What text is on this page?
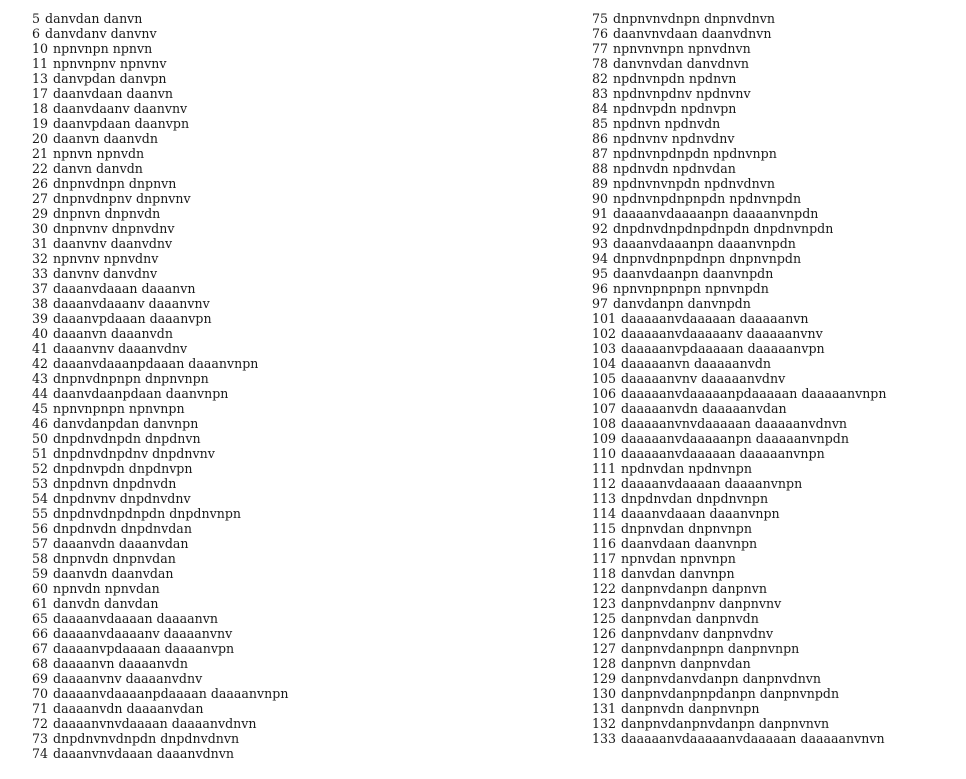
5 danvdan danvn
6 danvdanv danvnv
10 npnvnpn npnvn
11 npnvnpnv npnvnv
13 danvpdan danvpn
17 daanvdaan daanvn
18 daanvdaanv daanvnv
19 daanvpdaan daanvpn
20 daanvn daanvdn
21 npnvn npnvdn
22 danvn danvdn
26 dnpnvdnpn dnpnvn
27 dnpnvdnpnv dnpnvnv
29 dnpnvn dnpnvdn
30 dnpnvnv dnpnvdnv
31 daanvnv daanvdnv
32 npnvnv npnvdnv
33 danvnv danvdnv
37 daaanvdaaan daaanvn
38 daaanvdaaanv daaanvnv
39 daaanvpdaaan daaanvpn
40 daaanvn daaanvdn
41 daaanvnv daaanvdnv
42 daaanvdaaanpdaaan daaanvnpn
43 dnpnvdnpnpn dnpnvnpn
44 daanvdaanpdaan daanvnpn
45 npnvnpnpn npnvnpn
46 danvdanpdan danvnpn
50 dnpdnvdnpdn dnpdnvn
51 dnpdnvdnpdnv dnpdnvnv
52 dnpdnvpdn dnpdnvpn
53 dnpdnvn dnpdnvdn
54 dnpdnvnv dnpdnvdnv
55 dnpdnvdnpdnpdn dnpdnvnpn
56 dnpdnvdn dnpdnvdan
57 daaanvdn daaanvdan
58 dnpnvdn dnpnvdan
59 daanvdn daanvdan
60 npnvdn npnvdan
61 danvdn danvdan
65 daaaanvdaaaan daaaanvn
66 daaaanvdaaaanv daaaanvnv
67 daaaanvpdaaaan daaaanvpn
68 daaaanvn daaaanvdn
69 daaaanvnv daaaanvdnv
70 daaaanvdaaaanpdaaaan daaaanvnpn
71 daaaanvdn daaaanvdan
72 daaaanvnvdaaaan daaaanvdnvn
73 dnpdnvnvdnpdn dnpdnvdnvn
74 daaanvnvdaaan daaanvdnvn
75 dnpnvnvdnpn dnpnvdnvn
76 daanvnvdaan daanvdnvn
77 npnvnvnpn npnvdnvn
78 danvnvdan danvdnvn
82 npdnvnpdn npdnvn
83 npdnvnpdnv npdnvnv
84 npdnvpdn npdnvpn
85 npdnvn npdnvdn
86 npdnvnv npdnvdnv
87 npdnvnpdnpdn npdnvnpn
88 npdnvdn npdnvdan
89 npdnvnvnpdn npdnvdnvn
90 npdnvnpdnpnpdn npdnvnpdn
91 daaaanvdaaaanpn daaaanvnpdn
92 dnpdnvdnpdnpdnpdn dnpdnvnpdn
93 daaanvdaaanpn daaanvnpdn
94 dnpnvdnpnpdnpn dnpnvnpdn
95 daanvdaanpn daanvnpdn
96 npnvnpnpnpn npnvnpdn
97 danvdanpn danvnpdn
101 daaaaanvdaaaaan daaaaanvn
102 daaaaanvdaaaaanv daaaaanvnv
103 daaaaanvpdaaaaan daaaaanvpn
104 daaaaanvn daaaaanvdn
105 daaaaanvnv daaaaanvdnv
106 daaaaanvdaaaaanpdaaaaan daaaaanvnpn
107 daaaaanvdn daaaaanvdan
108 daaaaanvnvdaaaaan daaaaanvdnvn
109 daaaaanvdaaaaanpn daaaaanvnpdn
110 daaaaanvdaaaaan daaaaanvnpn
111 npdnvdan npdnvnpn
112 daaaanvdaaaan daaaanvnpn
113 dnpdnvdan dnpdnvnpn
114 daaanvdaaan daaanvnpn
115 dnpnvdan dnpnvnpn
116 daanvdaan daanvnpn
117 npnvdan npnvnpn
118 danvdan danvnpn
122 danpnvdanpn danpnvn
123 danpnvdanpnv danpnvnv
125 danpnvdan danpnvdn
126 danpnvdanv danpnvdnv
127 danpnvdanpnpn danpnvnpn
128 danpnvn danpnvdan
129 danpnvdanvdanpn danpnvdnvn
130 danpnvdanpnpdanpn danpnvnpdn
131 danpnvdn danpnvnpn
132 danpnvdanpnvdanpn danpnvnvn
133 daaaaanvdaaaaanvdaaaaan daaaaanvnvn
